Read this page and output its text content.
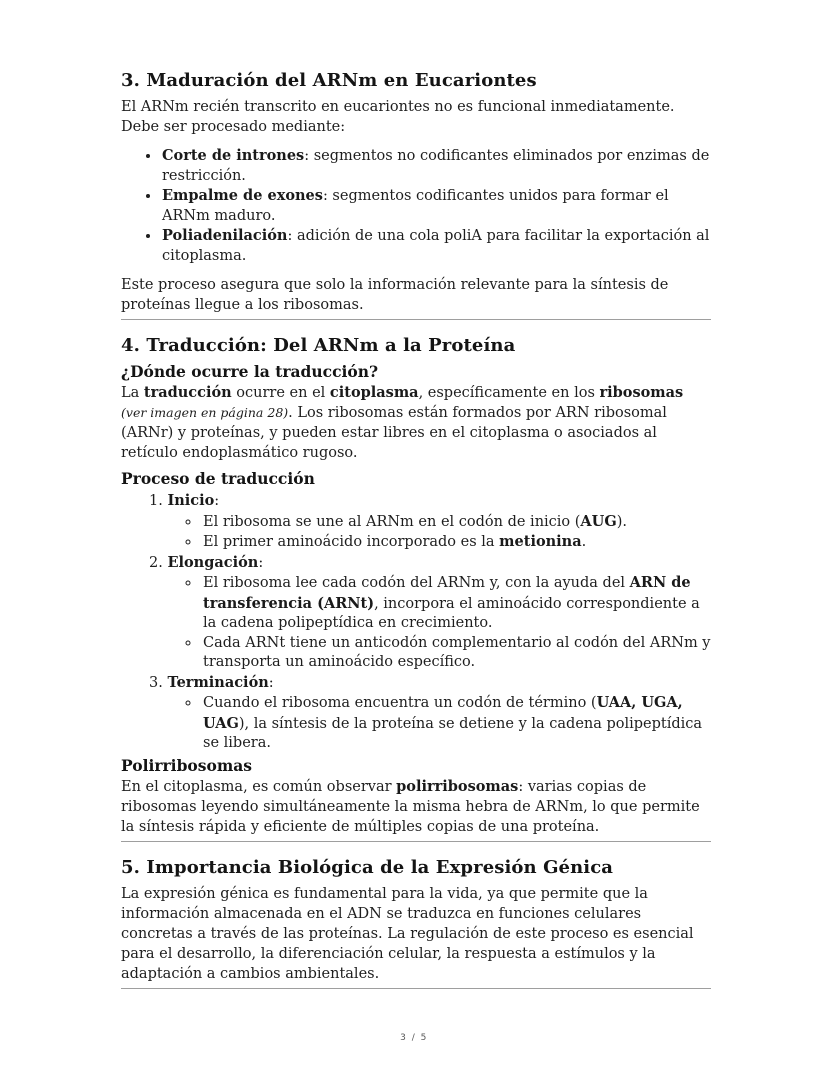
3. Maduración del ARNm en Eucariontes

El ARNm recién transcrito en eucariontes no es funcional inmediatamente. Debe ser procesado mediante:

• Corte de intrones: segmentos no codificantes eliminados por enzimas de restricción.
• Empalme de exones: segmentos codificantes unidos para formar el ARNm maduro.
• Poliadenilación: adición de una cola poliA para facilitar la exportación al citoplasma.

Este proceso asegura que solo la información relevante para la síntesis de proteínas llegue a los ribosomas.

4. Traducción: Del ARNm a la Proteína
¿Dónde ocurre la traducción?

La traducción ocurre en el citoplasma, específicamente en los ribosomas (ver imagen en página 28). Los ribosomas están formados por ARN ribosomal (ARNr) y proteínas, y pueden estar libres en el citoplasma o asociados al retículo endoplasmático rugoso.

Proceso de traducción
1. Inicio:
◦ El ribosoma se une al ARNm en el codón de inicio (AUG).
◦ El primer aminoácido incorporado es la metionina.
2. Elongación:
◦ El ribosoma lee cada codón del ARNm y, con la ayuda del ARN de transferencia (ARNt), incorpora el aminoácido correspondiente a la cadena polipeptídica en crecimiento.
◦ Cada ARNt tiene un anticodón complementario al codón del ARNm y transporta un aminoácido específico.
3. Terminación:
◦ Cuando el ribosoma encuentra un codón de término (UAA, UGA, UAG), la síntesis de la proteína se detiene y la cadena polipeptídica se libera.
Polirribosomas

En el citoplasma, es común observar polirribosomas: varias copias de ribosomas leyendo simultáneamente la misma hebra de ARNm, lo que permite la síntesis rápida y eficiente de múltiples copias de una proteína.

5. Importancia Biológica de la Expresión Génica

La expresión génica es fundamental para la vida, ya que permite que la información almacenada en el ADN se traduzca en funciones celulares concretas a través de las proteínas. La regulación de este proceso es esencial para el desarrollo, la diferenciación celular, la respuesta a estímulos y la adaptación a cambios ambientales.

3 / 5
